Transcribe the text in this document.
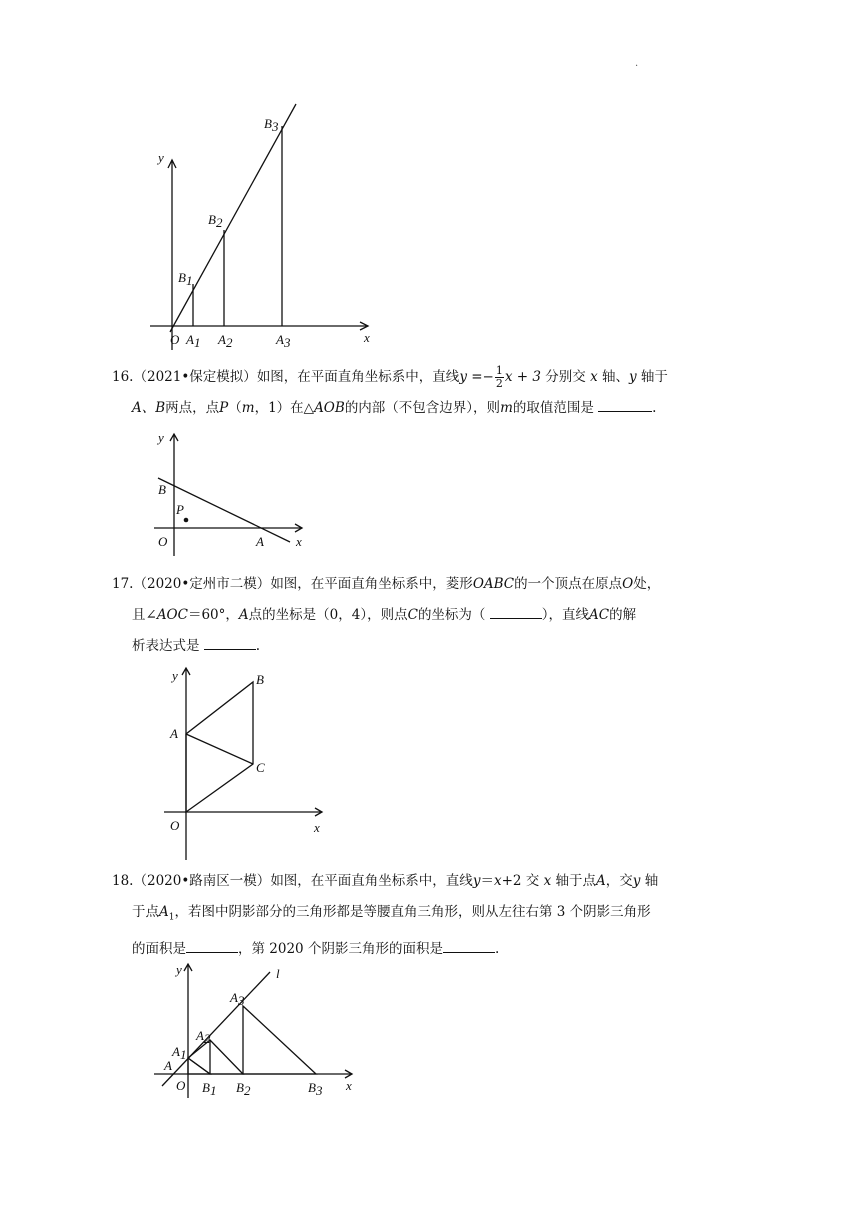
.
y
x
O A1 A2	A3
B1
B2
B3

16.（2021•保定模拟）如图，在平面直角坐标系中，直线$y =- \frac{1}{2}$ x + 3 分别交 x 轴、y 轴于

A、B两点，点P（m，1）在△AOB的内部（不包含边界），则m的取值范围是	.

y
B
P
O	A x

17.（2020•定州市二模）如图，在平面直角坐标系中，菱形OABC的一个顶点在原点O处，

且∠AOC＝60°，A点的坐标是（0，4），则点C的坐标为（	），直线AC的解

析表达式是	.

y	B
A
C
O	x

18.（2020•路南区一模）如图，在平面直角坐标系中，直线y＝x+2 交 x 轴于点A，交y 轴

于点$A_1$，若图中阴影部分的三角形都是等腰直角三角形，则从左往右第 3 个阴影三角形

的面积是	，第 2020 个阴影三角形的面积是	.

y	l
A3
A2
A1
A
O B1 B2	B3 x
